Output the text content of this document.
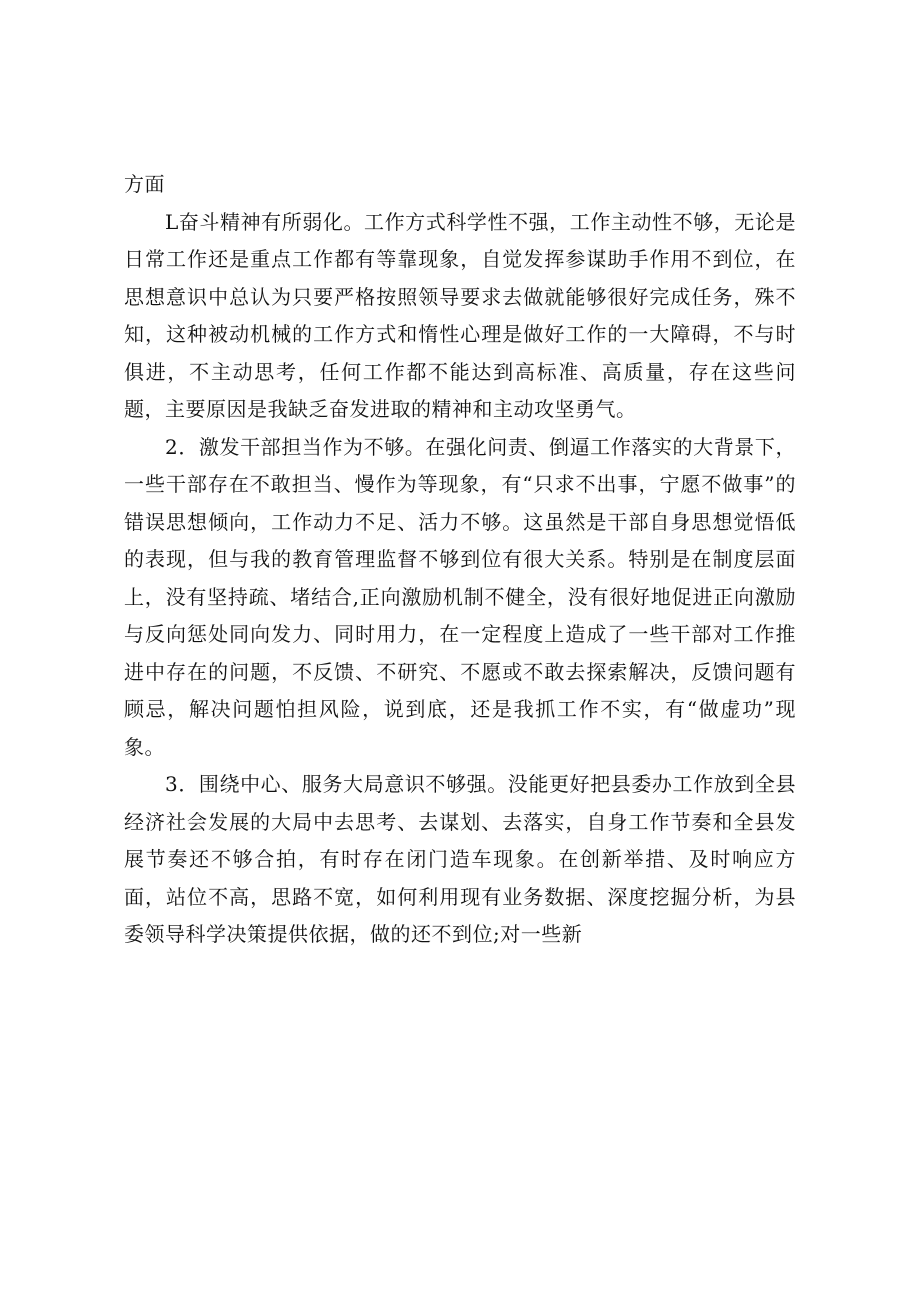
方面

L奋斗精神有所弱化。工作方式科学性不强，工作主动性不够，无论是日常工作还是重点工作都有等靠现象，自觉发挥参谋助手作用不到位，在思想意识中总认为只要严格按照领导要求去做就能够很好完成任务，殊不知，这种被动机械的工作方式和惰性心理是做好工作的一大障碍，不与时俱进，不主动思考，任何工作都不能达到高标准、高质量，存在这些问题，主要原因是我缺乏奋发进取的精神和主动攻坚勇气。

2．激发干部担当作为不够。在强化问责、倒逼工作落实的大背景下，一些干部存在不敢担当、慢作为等现象，有“只求不出事，宁愿不做事”的错误思想倾向，工作动力不足、活力不够。这虽然是干部自身思想觉悟低的表现，但与我的教育管理监督不够到位有很大关系。特别是在制度层面上，没有坚持疏、堵结合,正向激励机制不健全，没有很好地促进正向激励与反向惩处同向发力、同时用力，在一定程度上造成了一些干部对工作推进中存在的问题，不反馈、不研究、不愿或不敢去探索解决，反馈问题有顾忌，解决问题怕担风险，说到底，还是我抓工作不实，有“做虚功”现象。

3．围绕中心、服务大局意识不够强。没能更好把县委办工作放到全县经济社会发展的大局中去思考、去谋划、去落实，自身工作节奏和全县发展节奏还不够合拍，有时存在闭门造车现象。在创新举措、及时响应方面，站位不高，思路不宽，如何利用现有业务数据、深度挖掘分析，为县委领导科学决策提供依据，做的还不到位;对一些新
